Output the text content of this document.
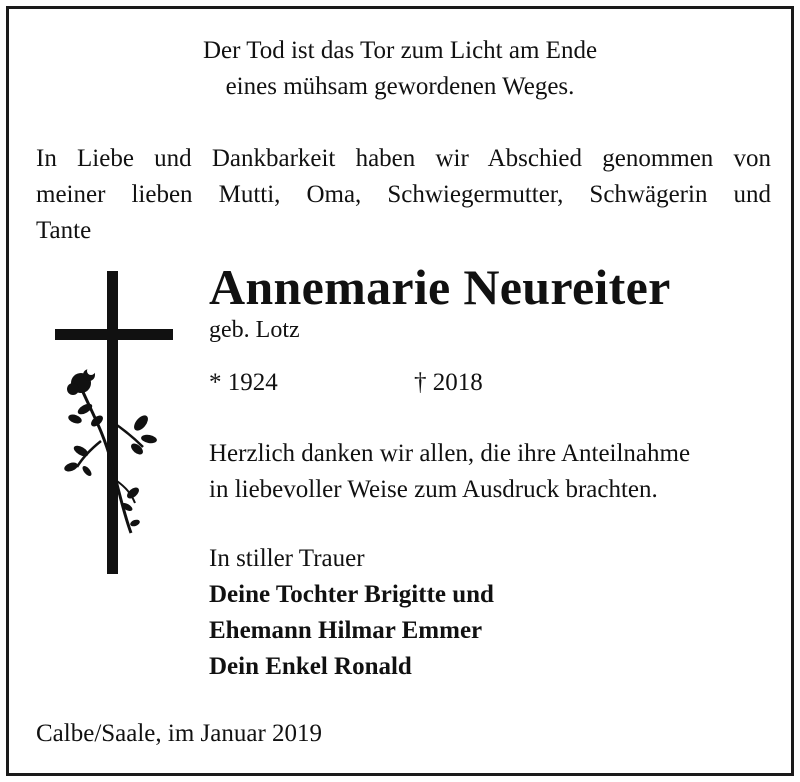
Der Tod ist das Tor zum Licht am Ende
eines mühsam gewordenen Weges.
In Liebe und Dankbarkeit haben wir Abschied genommen von
meiner lieben Mutti, Oma, Schwiegermutter, Schwägerin und
Tante
Annemarie Neureiter
geb. Lotz
* 1924	† 2018
Herzlich danken wir allen, die ihre Anteilnahme
in liebevoller Weise zum Ausdruck brachten.
In stiller Trauer
Deine Tochter Brigitte und
Ehemann Hilmar Emmer
Dein Enkel Ronald
Calbe/Saale, im Januar 2019
